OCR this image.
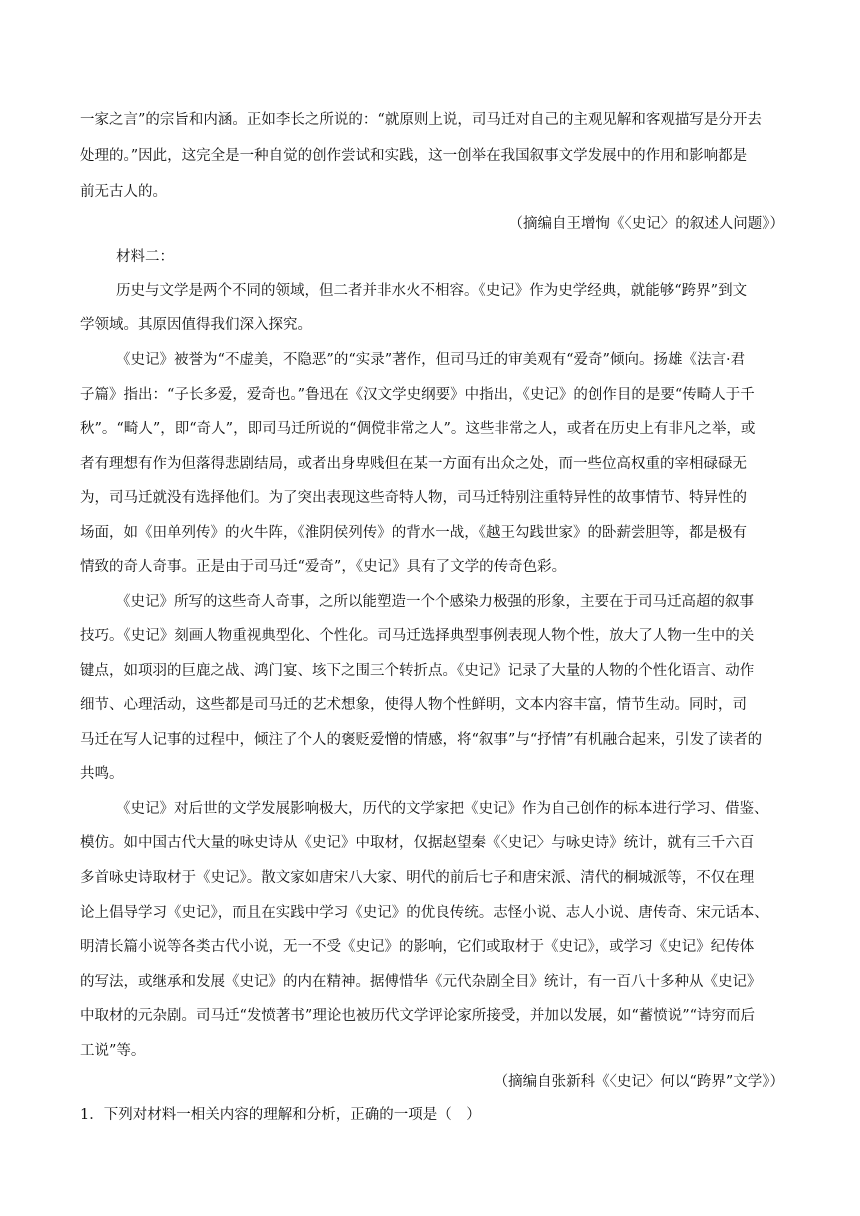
一家之言”的宗旨和内涵。正如李长之所说的：“就原则上说，司马迁对自己的主观见解和客观描写是分开去
处理的。”因此，这完全是一种自觉的创作尝试和实践，这一创举在我国叙事文学发展中的作用和影响都是
前无古人的。
（摘编自王增恂《〈史记〉的叙述人问题》）
材料二：
历史与文学是两个不同的领域，但二者并非水火不相容。《史记》作为史学经典，就能够“跨界”到文
学领域。其原因值得我们深入探究。
《史记》被誉为“不虚美，不隐恶”的“实录”著作，但司马迁的审美观有“爱奇”倾向。扬雄《法言·君
子篇》指出：“子长多爱，爱奇也。”鲁迅在《汉文学史纲要》中指出，《史记》的创作目的是要“传畸人于千
秋”。“畸人”，即“奇人”，即司马迁所说的“倜傥非常之人”。这些非常之人，或者在历史上有非凡之举，或
者有理想有作为但落得悲剧结局，或者出身卑贱但在某一方面有出众之处，而一些位高权重的宰相碌碌无
为，司马迁就没有选择他们。为了突出表现这些奇特人物，司马迁特别注重特异性的故事情节、特异性的
场面，如《田单列传》的火牛阵，《淮阴侯列传》的背水一战，《越王勾践世家》的卧薪尝胆等，都是极有
情致的奇人奇事。正是由于司马迁“爱奇”，《史记》具有了文学的传奇色彩。
《史记》所写的这些奇人奇事，之所以能塑造一个个感染力极强的形象，主要在于司马迁高超的叙事
技巧。《史记》刻画人物重视典型化、个性化。司马迁选择典型事例表现人物个性，放大了人物一生中的关
键点，如项羽的巨鹿之战、鸿门宴、垓下之围三个转折点。《史记》记录了大量的人物的个性化语言、动作
细节、心理活动，这些都是司马迁的艺术想象，使得人物个性鲜明，文本内容丰富，情节生动。同时，司
马迁在写人记事的过程中，倾注了个人的褒贬爱憎的情感，将“叙事”与“抒情”有机融合起来，引发了读者的
共鸣。
《史记》对后世的文学发展影响极大，历代的文学家把《史记》作为自己创作的标本进行学习、借鉴、
模仿。如中国古代大量的咏史诗从《史记》中取材，仅据赵望秦《〈史记〉与咏史诗》统计，就有三千六百
多首咏史诗取材于《史记》。散文家如唐宋八大家、明代的前后七子和唐宋派、清代的桐城派等，不仅在理
论上倡导学习《史记》，而且在实践中学习《史记》的优良传统。志怪小说、志人小说、唐传奇、宋元话本、
明清长篇小说等各类古代小说，无一不受《史记》的影响，它们或取材于《史记》，或学习《史记》纪传体
的写法，或继承和发展《史记》的内在精神。据傅惜华《元代杂剧全目》统计，有一百八十多种从《史记》
中取材的元杂剧。司马迁“发愤著书”理论也被历代文学评论家所接受，并加以发展，如“蓄愤说”“诗穷而后
工说”等。
（摘编自张新科《〈史记〉何以“跨界”文学》）
1．下列对材料一相关内容的理解和分析，正确的一项是（　）
